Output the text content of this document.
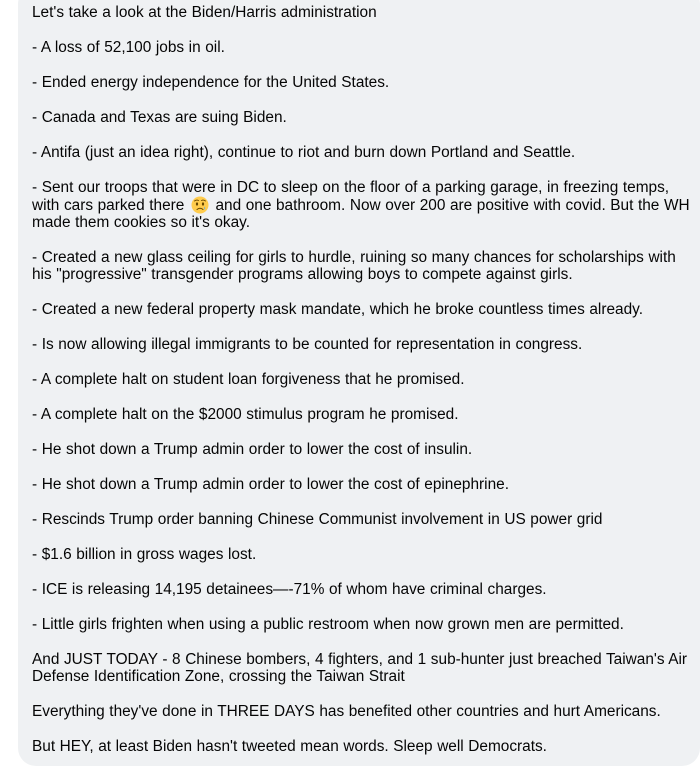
Let's take a look at the Biden/Harris administration

- A loss of 52,100 jobs in oil.

- Ended energy independence for the United States.

- Canada and Texas are suing Biden.

- Antifa (just an idea right), continue to riot and burn down Portland and Seattle.

- Sent our troops that were in DC to sleep on the floor of a parking garage, in freezing temps, with cars parked there and one bathroom. Now over 200 are positive with covid. But the WH made them cookies so it's okay.

- Created a new glass ceiling for girls to hurdle, ruining so many chances for scholarships with his "progressive" transgender programs allowing boys to compete against girls.

- Created a new federal property mask mandate, which he broke countless times already.

- Is now allowing illegal immigrants to be counted for representation in congress.

- A complete halt on student loan forgiveness that he promised.

- A complete halt on the $2000 stimulus program he promised.

- He shot down a Trump admin order to lower the cost of insulin.

- He shot down a Trump admin order to lower the cost of epinephrine.

- Rescinds Trump order banning Chinese Communist involvement in US power grid

- $1.6 billion in gross wages lost.

- ICE is releasing 14,195 detainees—-71% of whom have criminal charges.

- Little girls frighten when using a public restroom when now grown men are permitted.

And JUST TODAY - 8 Chinese bombers, 4 fighters, and 1 sub-hunter just breached Taiwan's Air Defense Identification Zone, crossing the Taiwan Strait

Everything they've done in THREE DAYS has benefited other countries and hurt Americans.

But HEY, at least Biden hasn't tweeted mean words. Sleep well Democrats.
